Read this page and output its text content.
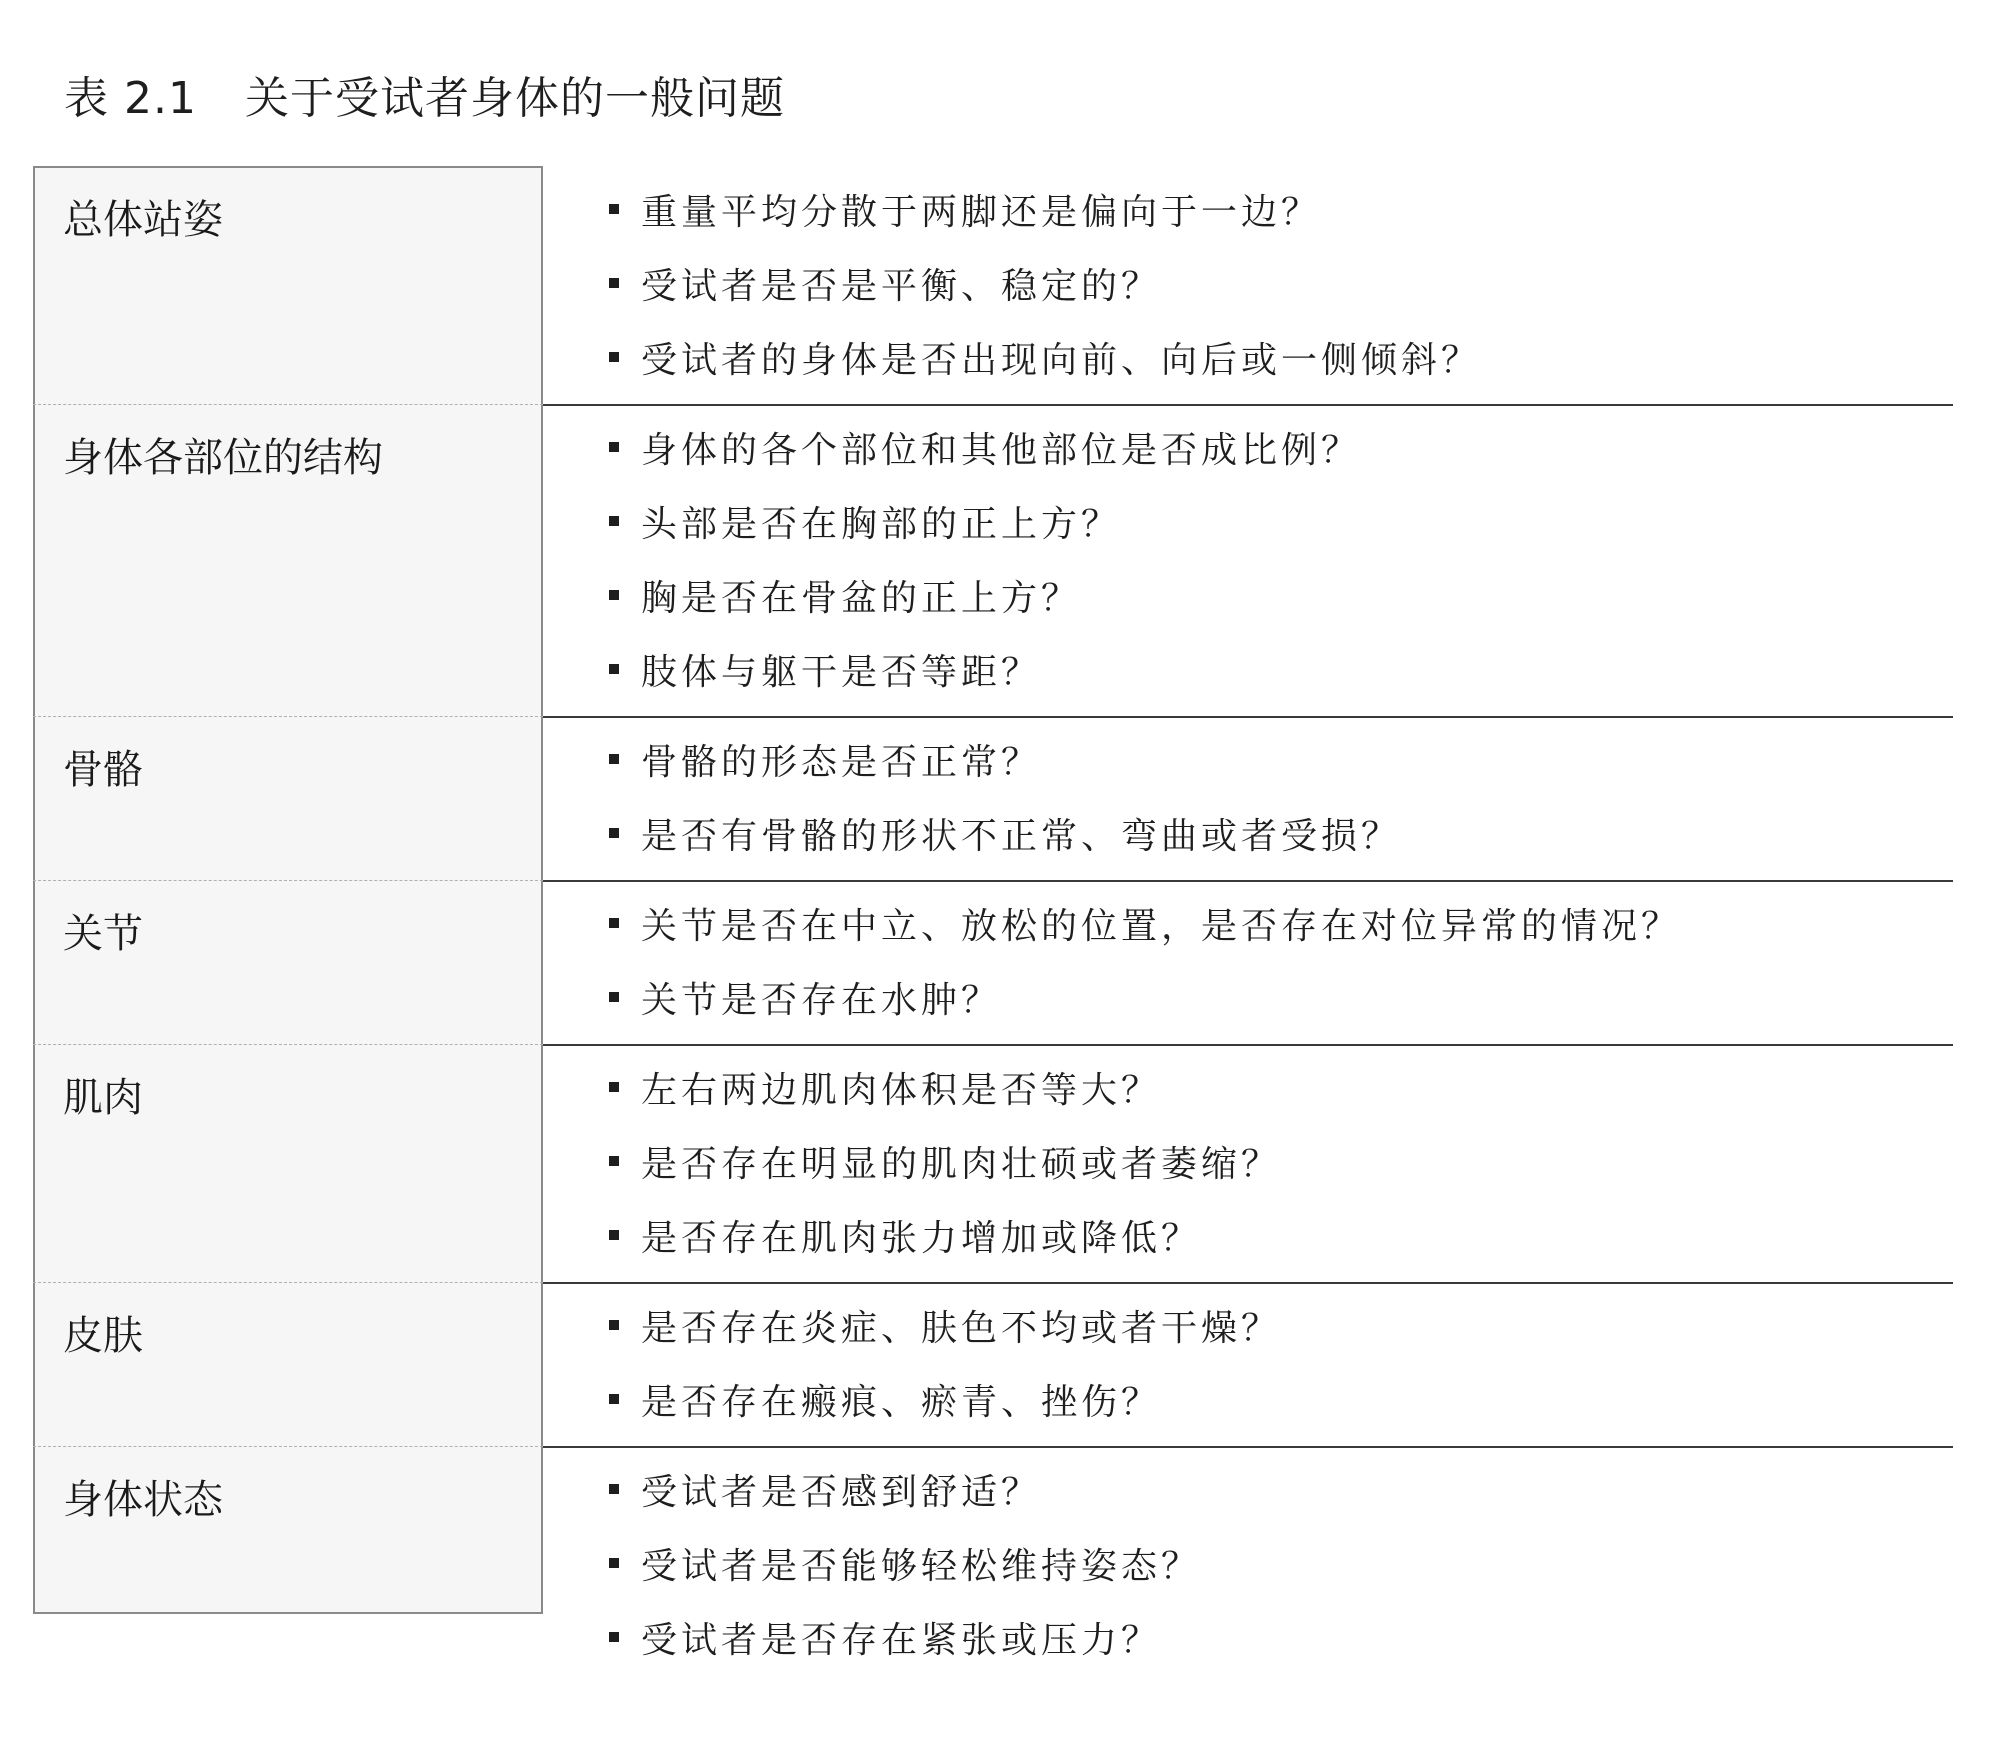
表 2.1 关于受试者身体的一般问题
总体站姿	重量平均分散于两脚还是偏向于一边？
受试者是否是平衡、稳定的？
受试者的身体是否出现向前、向后或一侧倾斜？
身体各部位的结构	身体的各个部位和其他部位是否成比例？
头部是否在胸部的正上方？
胸是否在骨盆的正上方？
肢体与躯干是否等距？
骨骼	骨骼的形态是否正常？
是否有骨骼的形状不正常、弯曲或者受损？
关节	关节是否在中立、放松的位置，是否存在对位异常的情况？
关节是否存在水肿？
肌肉	左右两边肌肉体积是否等大？
是否存在明显的肌肉壮硕或者萎缩？
是否存在肌肉张力增加或降低？
皮肤	是否存在炎症、肤色不均或者干燥？
是否存在瘢痕、瘀青、挫伤？
身体状态	受试者是否感到舒适？
受试者是否能够轻松维持姿态？
受试者是否存在紧张或压力？
